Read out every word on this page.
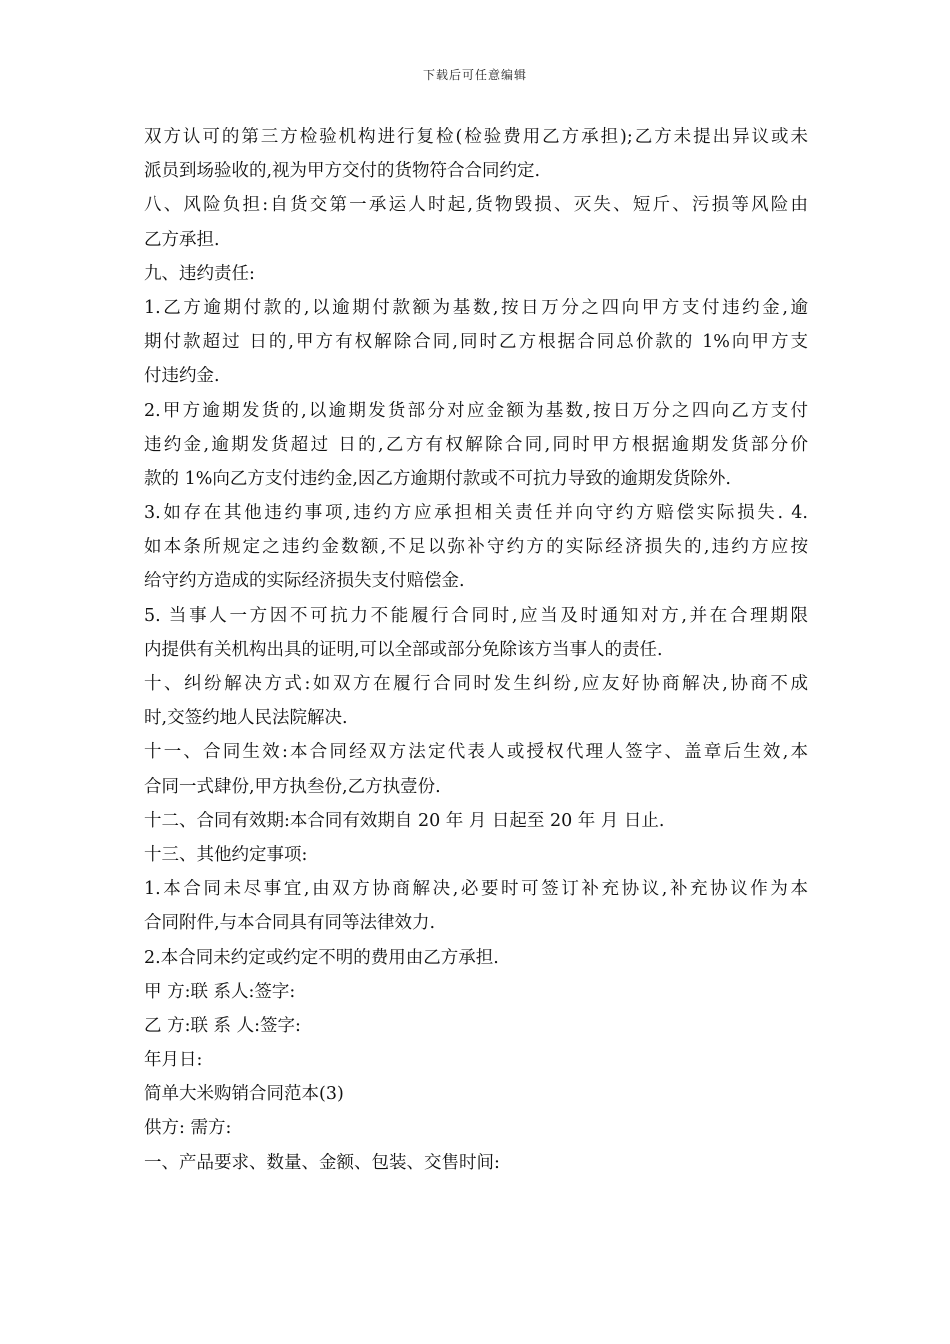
下载后可任意编辑
双方认可的第三方检验机构进行复检(检验费用乙方承担);乙方未提出异议或未
派员到场验收的,视为甲方交付的货物符合合同约定.
八、风险负担:自货交第一承运人时起,货物毁损、灭失、短斤、污损等风险由
乙方承担.
九、违约责任:
1.乙方逾期付款的,以逾期付款额为基数,按日万分之四向甲方支付违约金,逾
期付款超过 日的,甲方有权解除合同,同时乙方根据合同总价款的 1%向甲方支
付违约金.
2.甲方逾期发货的,以逾期发货部分对应金额为基数,按日万分之四向乙方支付
违约金,逾期发货超过 日的,乙方有权解除合同,同时甲方根据逾期发货部分价
款的 1%向乙方支付违约金,因乙方逾期付款或不可抗力导致的逾期发货除外.
3.如存在其他违约事项,违约方应承担相关责任并向守约方赔偿实际损失. 4.
如本条所规定之违约金数额,不足以弥补守约方的实际经济损失的,违约方应按
给守约方造成的实际经济损失支付赔偿金.
5. 当事人一方因不可抗力不能履行合同时,应当及时通知对方,并在合理期限
内提供有关机构出具的证明,可以全部或部分免除该方当事人的责任.
十、纠纷解决方式:如双方在履行合同时发生纠纷,应友好协商解决,协商不成
时,交签约地人民法院解决.
十一、合同生效:本合同经双方法定代表人或授权代理人签字、盖章后生效,本
合同一式肆份,甲方执叁份,乙方执壹份.
十二、合同有效期:本合同有效期自 20 年 月 日起至 20 年 月 日止.
十三、其他约定事项:
1.本合同未尽事宜,由双方协商解决,必要时可签订补充协议,补充协议作为本
合同附件,与本合同具有同等法律效力.
2.本合同未约定或约定不明的费用由乙方承担.
甲 方:联 系人:签字:
乙 方:联 系 人:签字:
年月日:
简单大米购销合同范本(3)
供方: 需方:
一、产品要求、数量、金额、包装、交售时间:
